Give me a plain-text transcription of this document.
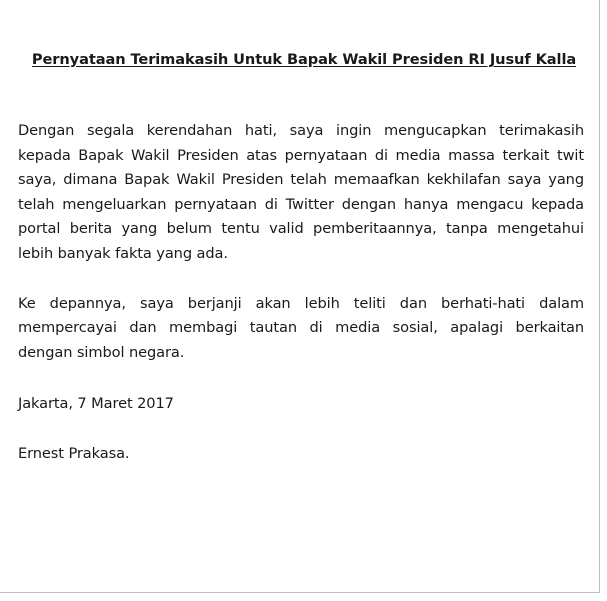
Pernyataan Terimakasih Untuk Bapak Wakil Presiden RI Jusuf Kalla

Dengan segala kerendahan hati, saya ingin mengucapkan terimakasih
kepada Bapak Wakil Presiden atas pernyataan di media massa terkait twit
saya, dimana Bapak Wakil Presiden telah memaafkan kekhilafan saya yang
telah mengeluarkan pernyataan di Twitter dengan hanya mengacu kepada
portal berita yang belum tentu valid pemberitaannya, tanpa mengetahui
lebih banyak fakta yang ada.

Ke depannya, saya berjanji akan lebih teliti dan berhati-hati dalam
mempercayai dan membagi tautan di media sosial, apalagi berkaitan
dengan simbol negara.

Jakarta, 7 Maret 2017

Ernest Prakasa.
